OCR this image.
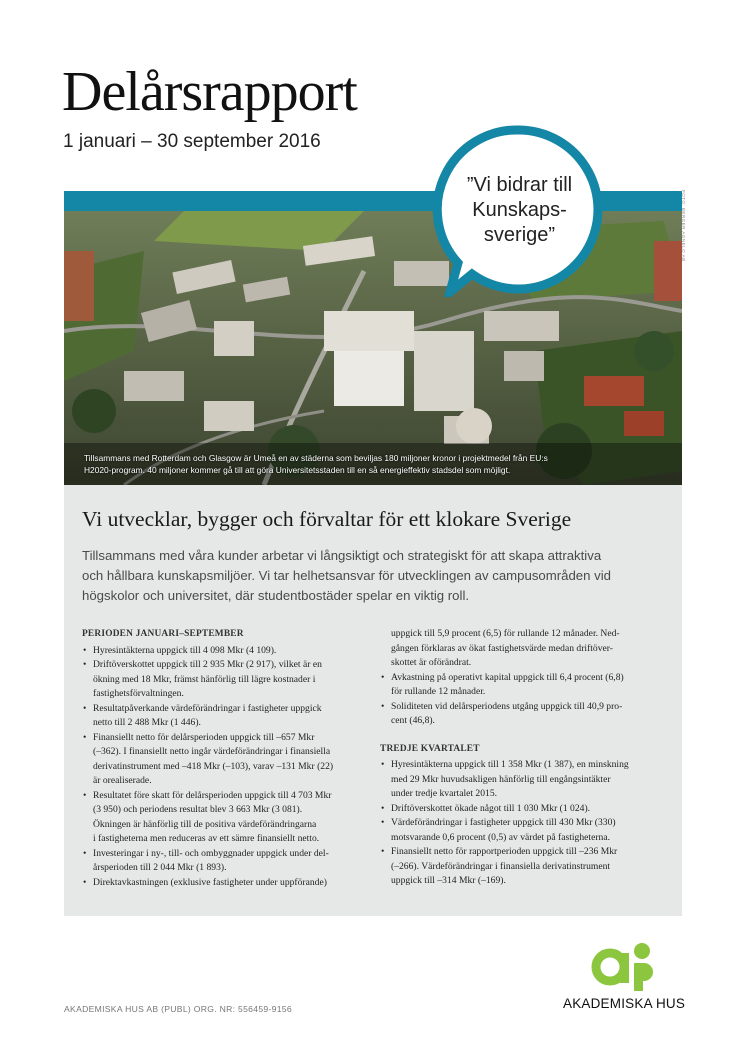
Delårsrapport
1 januari – 30 september 2016
Tillsammans med Rotterdam och Glasgow är Umeå en av städerna som beviljas 180 miljoner kronor i projektmedel från EU:s
H2020-program. 40 miljoner kommer gå till att göra Universitetsstaden till en så energieffektiv stadsdel som möjligt.
FOTO: BERGER AGNELO AB
”Vi bidrar till
Kunskaps-
sverige”
Vi utvecklar, bygger och förvaltar för ett klokare Sverige
Tillsammans med våra kunder arbetar vi långsiktigt och strategiskt för att skapa attraktiva
och hållbara kunskapsmiljöer. Vi tar helhetsansvar för utvecklingen av campusområden vid
högskolor och universitet, där studentbostäder spelar en viktig roll.
PERIODEN JANUARI–SEPTEMBER
• Hyresintäkterna uppgick till 4 098 Mkr (4 109).
• Driftöverskottet uppgick till 2 935 Mkr (2 917), vilket är en
ökning med 18 Mkr, främst hänförlig till lägre kostnader i
fastighetsförvaltningen.
• Resultatpåverkande värdeförändringar i fastigheter uppgick
netto till 2 488 Mkr (1 446).
• Finansiellt netto för delårsperioden uppgick till –657 Mkr
(–362). I finansiellt netto ingår värdeförändringar i finansiella
derivatinstrument med –418 Mkr (–103), varav –131 Mkr (22)
är orealiserade.
• Resultatet före skatt för delårsperioden uppgick till 4 703 Mkr
(3 950) och periodens resultat blev 3 663 Mkr (3 081).
Ökningen är hänförlig till de positiva värdeförändringarna
i fastigheterna men reduceras av ett sämre finansiellt netto.
• Investeringar i ny-, till- och ombyggnader uppgick under del-
årsperioden till 2 044 Mkr (1 893).
• Direktavkastningen (exklusive fastigheter under uppförande)
uppgick till 5,9 procent (6,5) för rullande 12 månader. Ned-
gången förklaras av ökat fastighetsvärde medan driftöver-
skottet är oförändrat.
• Avkastning på operativt kapital uppgick till 6,4 procent (6,8)
för rullande 12 månader.
• Soliditeten vid delårsperiodens utgång uppgick till 40,9 pro-
cent (46,8).
TREDJE KVARTALET
• Hyresintäkterna uppgick till 1 358 Mkr (1 387), en minskning
med 29 Mkr huvudsakligen hänförlig till engångsintäkter
under tredje kvartalet 2015.
• Driftöverskottet ökade något till 1 030 Mkr (1 024).
• Värdeförändringar i fastigheter uppgick till 430 Mkr (330)
motsvarande 0,6 procent (0,5) av värdet på fastigheterna.
• Finansiellt netto för rapportperioden uppgick till –236 Mkr
(–266). Värdeförändringar i finansiella derivatinstrument
uppgick till –314 Mkr (–169).
AKADEMISKA HUS AB (PUBL) ORG. NR: 556459-9156	AKADEMISKA HUS
